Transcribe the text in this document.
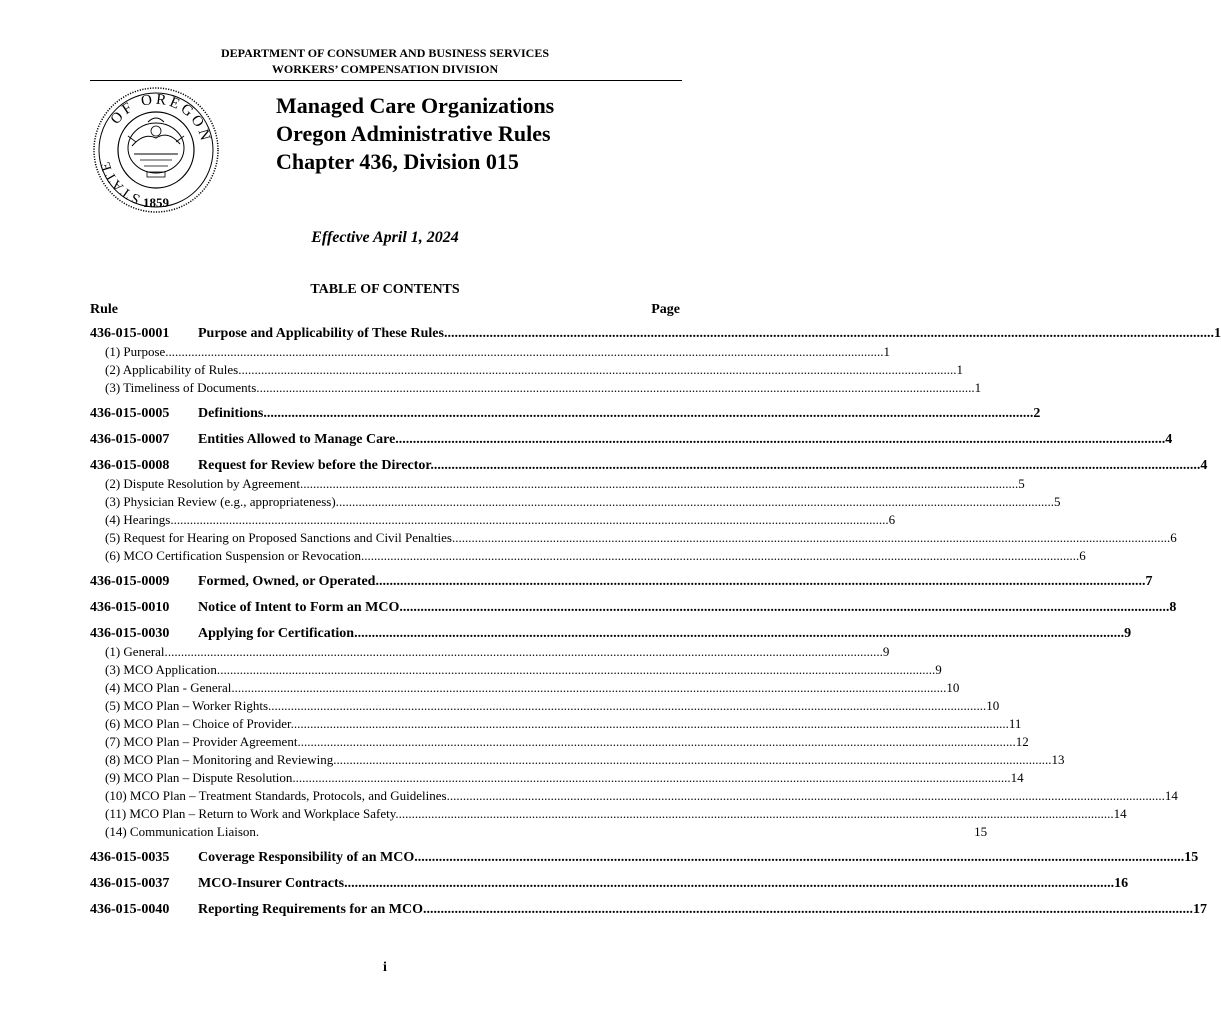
DEPARTMENT OF CONSUMER AND BUSINESS SERVICES
WORKERS’ COMPENSATION DIVISION
OF OREGON
STATE
1859
Managed Care Organizations
Oregon Administrative Rules
Chapter 436, Division 015
Effective April 1, 2024
TABLE OF CONTENTS
Rule	Page
436-015-0001	Purpose and Applicability of These Rules............................................................................................................................................................................................................................ 1
(1) Purpose............................................................................................................................................................................................................................. 1
(2) Applicability of Rules............................................................................................................................................................................................................................. 1
(3) Timeliness of Documents............................................................................................................................................................................................................................. 1
436-015-0005	Definitions............................................................................................................................................................................................................................ 2
436-015-0007	Entities Allowed to Manage Care............................................................................................................................................................................................................................ 4
436-015-0008	Request for Review before the Director............................................................................................................................................................................................................................ 4
(2) Dispute Resolution by Agreement............................................................................................................................................................................................................................. 5
(3) Physician Review (e.g., appropriateness)............................................................................................................................................................................................................................. 5
(4) Hearings............................................................................................................................................................................................................................. 6
(5) Request for Hearing on Proposed Sanctions and Civil Penalties............................................................................................................................................................................................................................. 6
(6) MCO Certification Suspension or Revocation............................................................................................................................................................................................................................. 6
436-015-0009	Formed, Owned, or Operated............................................................................................................................................................................................................................ 7
436-015-0010	Notice of Intent to Form an MCO............................................................................................................................................................................................................................ 8
436-015-0030	Applying for Certification............................................................................................................................................................................................................................ 9
(1) General............................................................................................................................................................................................................................. 9
(3) MCO Application............................................................................................................................................................................................................................. 9
(4) MCO Plan - General............................................................................................................................................................................................................................ 10
(5) MCO Plan – Worker Rights............................................................................................................................................................................................................................. 10
(6) MCO Plan – Choice of Provider............................................................................................................................................................................................................................. 11
(7) MCO Plan – Provider Agreement............................................................................................................................................................................................................................. 12
(8) MCO Plan – Monitoring and Reviewing............................................................................................................................................................................................................................. 13
(9) MCO Plan – Dispute Resolution............................................................................................................................................................................................................................. 14
(10) MCO Plan – Treatment Standards, Protocols, and Guidelines............................................................................................................................................................................................................................. 14
(11) MCO Plan – Return to Work and Workplace Safety............................................................................................................................................................................................................................. 14
(14) Communication Liaison.	15
436-015-0035	Coverage Responsibility of an MCO............................................................................................................................................................................................................................ 15
436-015-0037	MCO-Insurer Contracts............................................................................................................................................................................................................................ 16
436-015-0040	Reporting Requirements for an MCO............................................................................................................................................................................................................................ 17
i
